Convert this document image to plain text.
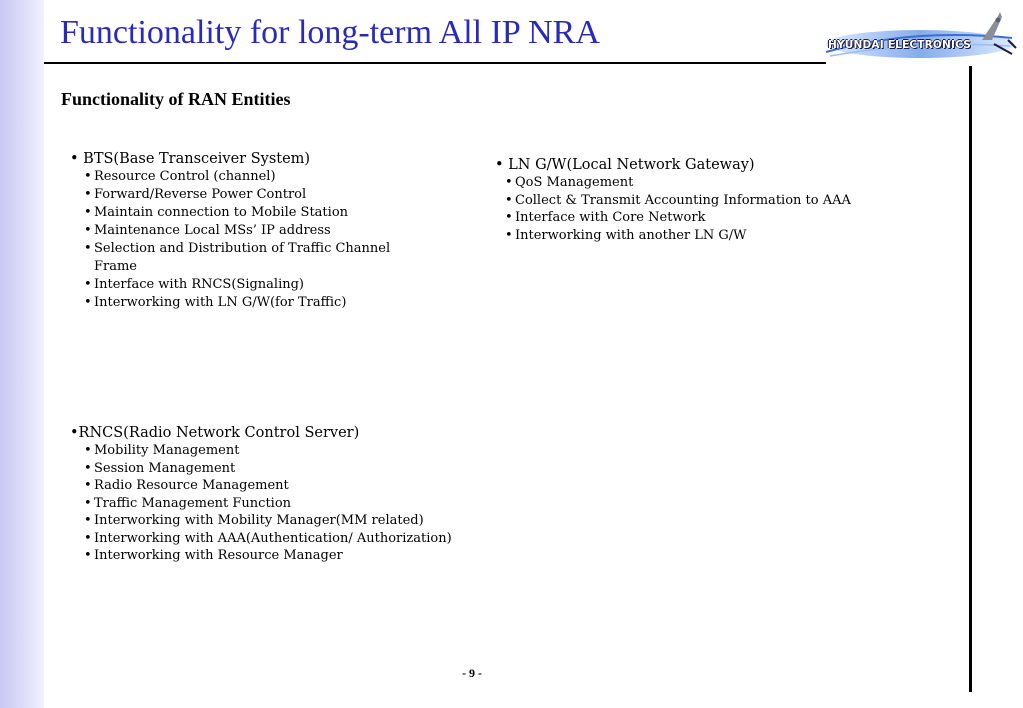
Functionality for long-term All IP NRA	HYUNDAI ELECTRONICS
Functionality of RAN Entities
• BTS(Base Transceiver System)
• Resource Control (channel)
• Forward/Reverse Power Control
• Maintain connection to Mobile Station
• Maintenance Local MSs’ IP address
• Selection and Distribution of Traffic Channel Frame
• Interface with RNCS(Signaling)
• Interworking with LN G/W(for Traffic)
• LN G/W(Local Network Gateway)
• QoS Management
• Collect & Transmit Accounting Information to AAA
• Interface with Core Network
• Interworking with another LN G/W
•RNCS(Radio Network Control Server)
• Mobility Management
• Session Management
• Radio Resource Management
• Traffic Management Function
• Interworking with Mobility Manager(MM related)
• Interworking with AAA(Authentication/ Authorization)
• Interworking with Resource Manager
- 9 -
